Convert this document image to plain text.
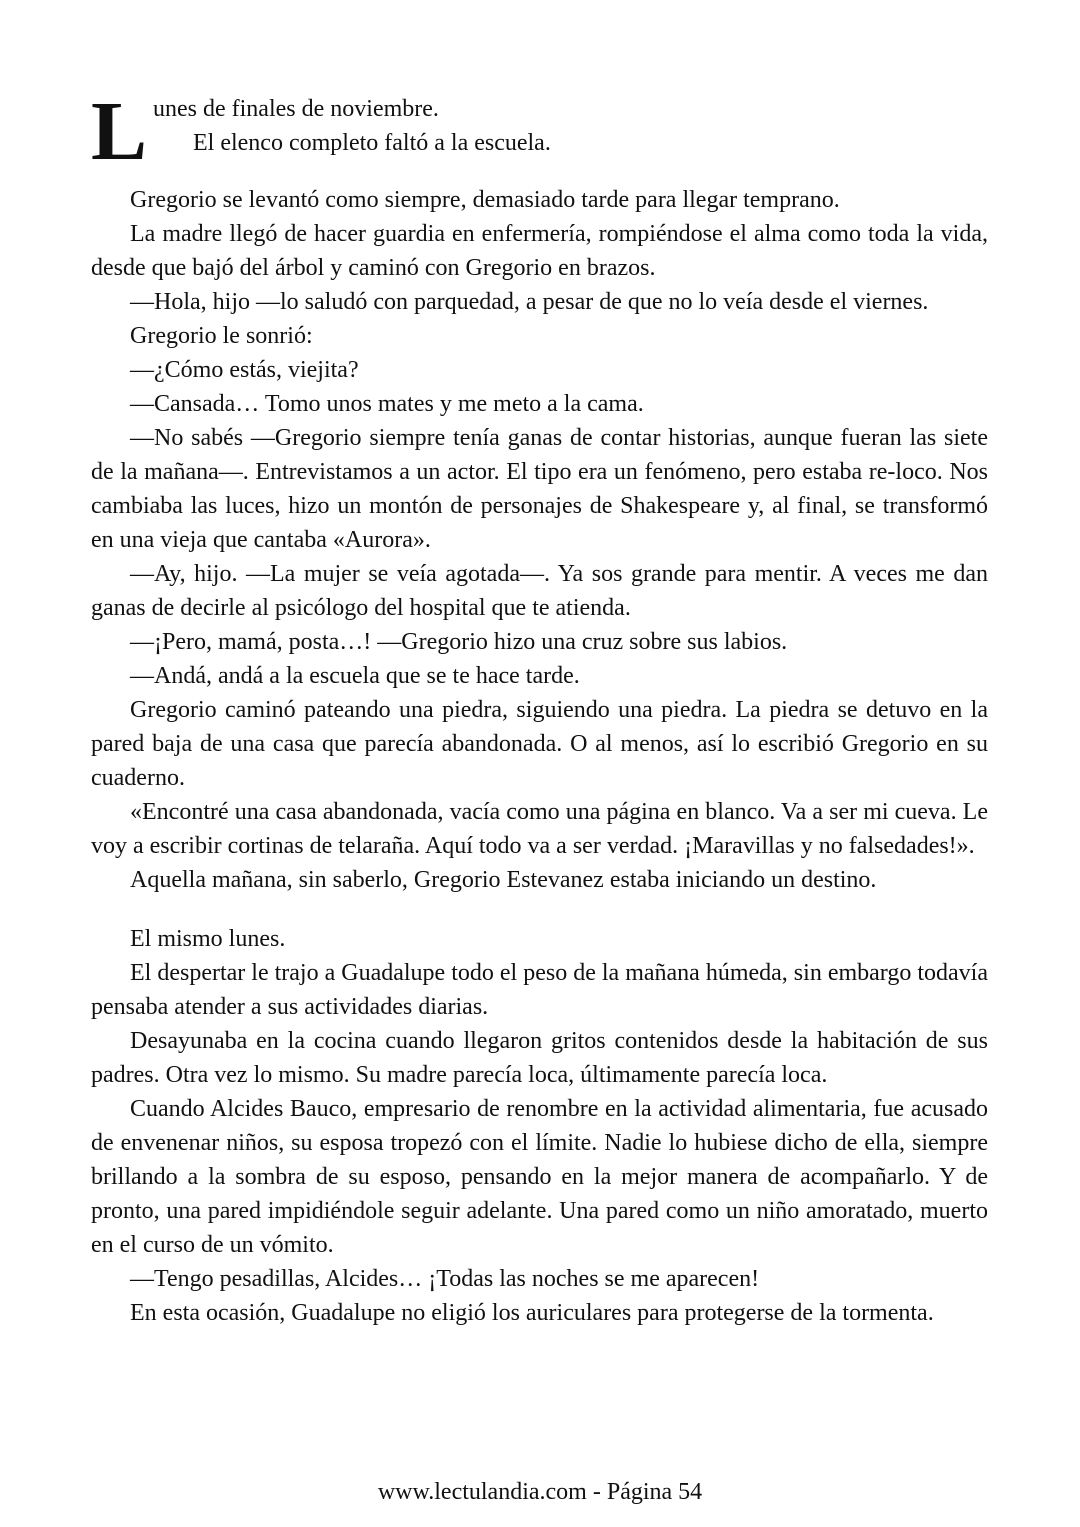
L unes de finales de noviembre.
El elenco completo faltó a la escuela.

Gregorio se levantó como siempre, demasiado tarde para llegar temprano.

La madre llegó de hacer guardia en enfermería, rompiéndose el alma como toda la vida, desde que bajó del árbol y caminó con Gregorio en brazos.

—Hola, hijo —lo saludó con parquedad, a pesar de que no lo veía desde el viernes.

Gregorio le sonrió:

—¿Cómo estás, viejita?

—Cansada… Tomo unos mates y me meto a la cama.

—No sabés —Gregorio siempre tenía ganas de contar historias, aunque fueran las siete de la mañana—. Entrevistamos a un actor. El tipo era un fenómeno, pero estaba re-loco. Nos cambiaba las luces, hizo un montón de personajes de Shakespeare y, al final, se transformó en una vieja que cantaba «Aurora».

—Ay, hijo. —La mujer se veía agotada—. Ya sos grande para mentir. A veces me dan ganas de decirle al psicólogo del hospital que te atienda.

—¡Pero, mamá, posta…! —Gregorio hizo una cruz sobre sus labios.

—Andá, andá a la escuela que se te hace tarde.

Gregorio caminó pateando una piedra, siguiendo una piedra. La piedra se detuvo en la pared baja de una casa que parecía abandonada. O al menos, así lo escribió Gregorio en su cuaderno.

«Encontré una casa abandonada, vacía como una página en blanco. Va a ser mi cueva. Le voy a escribir cortinas de telaraña. Aquí todo va a ser verdad. ¡Maravillas y no falsedades!».

Aquella mañana, sin saberlo, Gregorio Estevanez estaba iniciando un destino.

El mismo lunes.

El despertar le trajo a Guadalupe todo el peso de la mañana húmeda, sin embargo todavía pensaba atender a sus actividades diarias.

Desayunaba en la cocina cuando llegaron gritos contenidos desde la habitación de sus padres. Otra vez lo mismo. Su madre parecía loca, últimamente parecía loca.

Cuando Alcides Bauco, empresario de renombre en la actividad alimentaria, fue acusado de envenenar niños, su esposa tropezó con el límite. Nadie lo hubiese dicho de ella, siempre brillando a la sombra de su esposo, pensando en la mejor manera de acompañarlo. Y de pronto, una pared impidiéndole seguir adelante. Una pared como un niño amoratado, muerto en el curso de un vómito.

—Tengo pesadillas, Alcides… ¡Todas las noches se me aparecen!

En esta ocasión, Guadalupe no eligió los auriculares para protegerse de la tormenta.

www.lectulandia.com - Página 54
